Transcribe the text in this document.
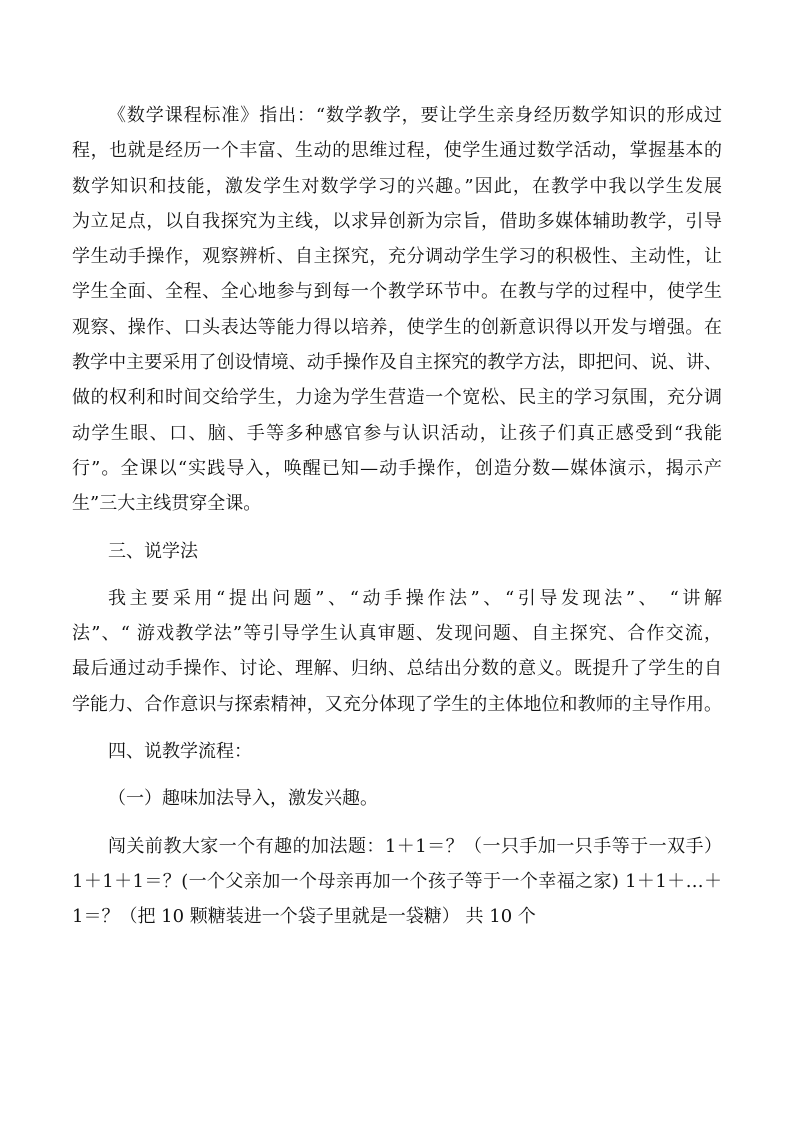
《数学课程标准》指出：“数学教学，要让学生亲身经历数学知识的形成过
程，也就是经历一个丰富、生动的思维过程，使学生通过数学活动，掌握基本的
数学知识和技能，激发学生对数学学习的兴趣。”因此，在教学中我以学生发展
为立足点，以自我探究为主线，以求异创新为宗旨，借助多媒体辅助教学，引导
学生动手操作，观察辨析、自主探究，充分调动学生学习的积极性、主动性，让
学生全面、全程、全心地参与到每一个教学环节中。在教与学的过程中，使学生
观察、操作、口头表达等能力得以培养，使学生的创新意识得以开发与增强。在
教学中主要采用了创设情境、动手操作及自主探究的教学方法，即把问、说、讲、
做的权利和时间交给学生，力途为学生营造一个宽松、民主的学习氛围，充分调
动学生眼、口、脑、手等多种感官参与认识活动，让孩子们真正感受到“我能
行”。全课以“实践导入，唤醒已知—动手操作，创造分数—媒体演示，揭示产
生”三大主线贯穿全课。
三、说学法
我主要采用“提出问题”、“动手操作法”、“引导发现法”、 “讲解
法”、“ 游戏教学法”等引导学生认真审题、发现问题、自主探究、合作交流，
最后通过动手操作、讨论、理解、归纳、总结出分数的意义。既提升了学生的自
学能力、合作意识与探索精神，又充分体现了学生的主体地位和教师的主导作用。
四、说教学流程：
（一）趣味加法导入，激发兴趣。
闯关前教大家一个有趣的加法题：1＋1＝？（一只手加一只手等于一双手）
1＋1＋1＝？(一个父亲加一个母亲再加一个孩子等于一个幸福之家) 1＋1＋…＋
1＝？（把 10 颗糖装进一个袋子里就是一袋糖） 共 10 个
